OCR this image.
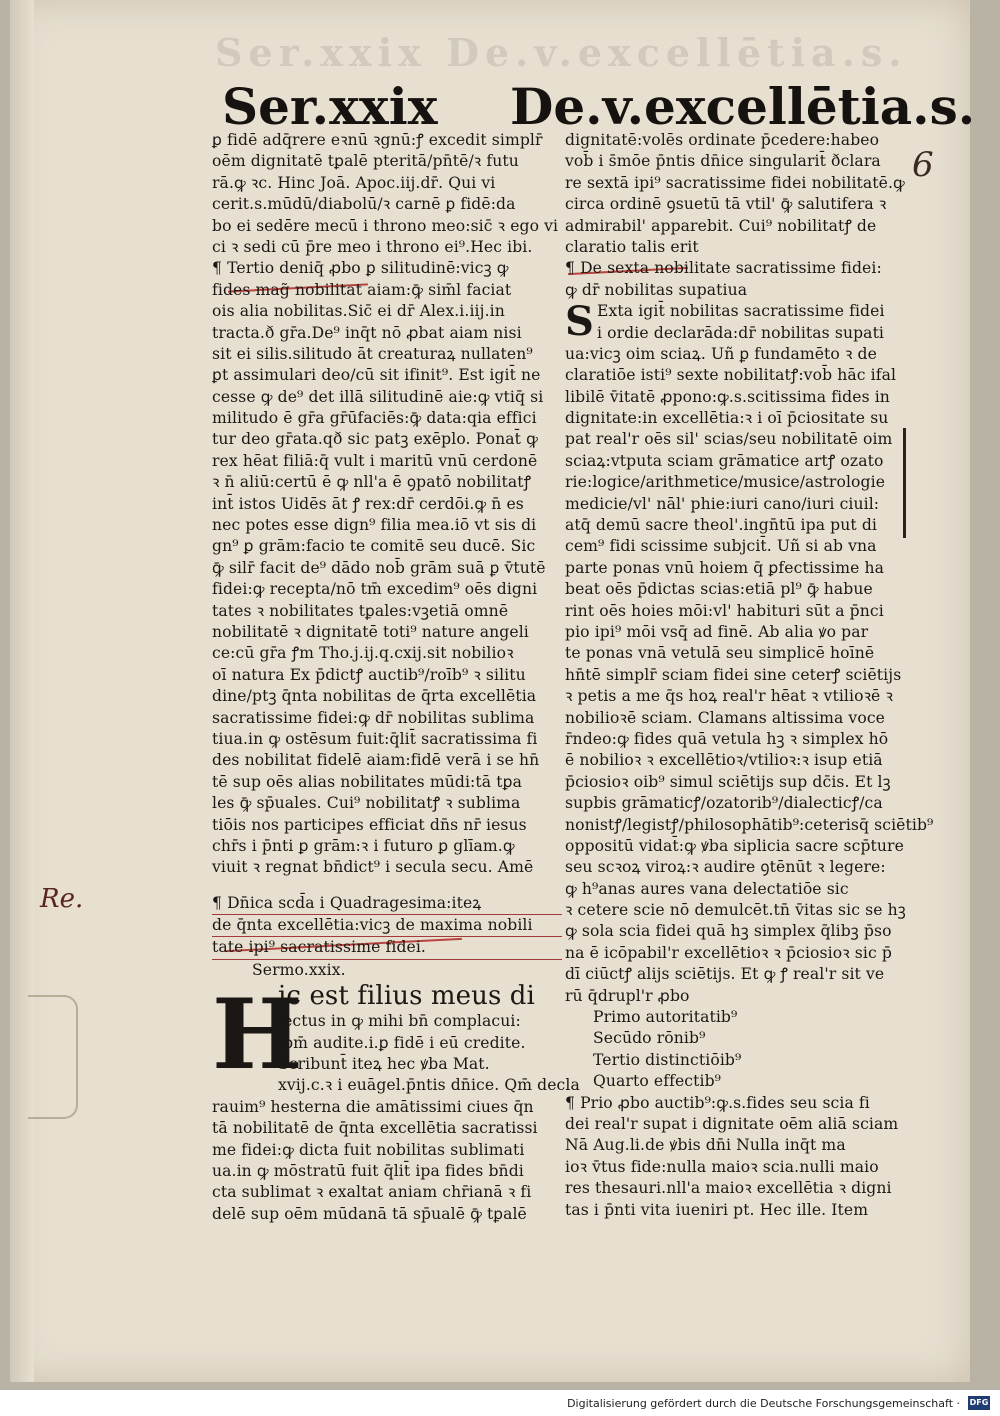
Ser.xxix De.v.excellētia.s.
Ser.xxix De.v.excellētia.s.
6
Re.
ꝑ fidē adq̄rere eꝛnū ꝛgnū:ꝭ excedit simplr̄
oēm dignitatē tꝑalē pteritā/pn̄tē/ꝛ futu
rā.ꝙ ꝛc. Hinc Joā. Apoc.iij.dr̄. Qui vi
cerit.s.mūdū/diabolū/ꝛ carnē ꝑ fidē:da
bo ei sedēre mecū i throno meo:sic̄ ꝛ ego vi
ci ꝛ sedi cū p̄re meo i throno ei⁹.Hec ibi.
¶ Tertio deniq̄ ꝓbo ꝑ silitudinē:vicꝫ ꝙ
fides mag̃ nobilitat aiam:ꝙ̄ sim̄l faciat
ois alia nobilitas.Sic̄ ei dr̄ Alex.i.iij.in
tracta.ð gr̄a.De⁹ inq̄t nō ꝓbat aiam nisi
sit ei silis.silitudo āt creaturaꝝ nullaten⁹
ꝑt assimulari deo/cū sit ifinit⁹. Est igit̄ ne
cesse ꝙ de⁹ det illā silitudinē aie:ꝙ vtiq̄ si
militudo ē gr̄a gr̄ūfaciēs:ꝙ̄ data:qia effici
tur deo gr̄ata.qð sic patꝫ exēplo. Ponat̄ ꝙ
rex hēat filiā:q̄ vult i maritū vnū cerdonē
ꝛ n̄ aliū:certū ē ꝙ nll'a ē ꝯpatō nobilitatꝭ
int̄ istos Uidēs āt ꝭ rex:dr̄ cerdōi.ꝙ n̄ es
nec potes esse dign⁹ filia mea.iō vt sis di
gn⁹ ꝑ grām:facio te comitē seu ducē. Sic
ꝙ̄ silr̄ facit de⁹ dādo nob̄ grām suā ꝑ v̄tutē
fidei:ꝙ recepta/nō tm̄ excedim⁹ oēs digni
tates ꝛ nobilitates tꝑales:vꝫetiā omnē
nobilitatē ꝛ dignitatē toti⁹ nature angeli
ce:cū gr̄a ꝭm Tho.j.ij.q.cxij.sit nobilioꝛ
oī natura Ex p̄dictꝭ auctib⁹/roīb⁹ ꝛ silitu
dine/ptꝫ q̄nta nobilitas de q̄rta excellētia
sacratissime fidei:ꝙ dr̄ nobilitas sublima
tiua.in ꝙ ostēsum fuit:q̄lit̄ sacratissima fi
des nobilitat fidelē aiam:fidē verā i se hn̄
tē sup oēs alias nobilitates mūdi:tā tꝑa
les ꝙ̄ sp̄uales. Cui⁹ nobilitatꝭ ꝛ sublima
tiōis nos participes efficiat dn̄s nr̄ iesus
chr̄s i p̄nti ꝑ grām:ꝛ i futuro ꝑ glīam.ꝙ
viuit ꝛ regnat bn̄dict⁹ i secula secu. Amē
¶ Dn̄ica scd̄a i Quadragesima:iteꝝ
de q̄nta excellētia:vicꝫ de maxima nobili
tate ipi⁹ sacratissime fidei.
Sermo.xxix.
H
ic est filius meus di
lectus in ꝙ mihi bn̄ complacui:
ipm̄ audite.i.ꝑ fidē i eū credite.
Scribunt̄ iteꝝ hec ꝟba Mat.
xvij.c.ꝛ i euāgel.p̄ntis dn̄ice. Qm̄ decla
rauim⁹ hesterna die amātissimi ciues q̄n
tā nobilitatē de q̄nta excellētia sacratissi
me fidei:ꝙ dicta fuit nobilitas sublimati
ua.in ꝙ mōstratū fuit q̄lit̄ ipa fides bn̄di
cta sublimat ꝛ exaltat aniam chr̄ianā ꝛ fi
delē sup oēm mūdanā tā sp̄ualē ꝙ̄ tꝑalē
dignitatē:volēs ordinate p̄cedere:habeo
vob̄ i s̄mōe p̄ntis dn̄ice singularit̄ ðclara
re sextā ipi⁹ sacratissime fidei nobilitatē.ꝙ
circa ordinē ꝯsuetū tā vtil' ꝙ̄ salutifera ꝛ
admirabil' apparebit. Cui⁹ nobilitatꝭ de
claratio talis erit
¶ De sexta nobilitate sacratissime fidei:
ꝙ dr̄ nobilitas supatiua
S Exta igit̄ nobilitas sacratissime fidei
i ordie declarāda:dr̄ nobilitas supati
ua:vicꝫ oim sciaꝝ. Uñ ꝑ fundamēto ꝛ de
claratiōe isti⁹ sexte nobilitatꝭ:vob̄ hāc ifal
libilē v̄itatē ꝓpono:ꝙ.s.scitissima fides in
dignitate:in excellētia:ꝛ i oī p̄ciositate su
pat real'r oēs sil' scias/seu nobilitatē oim
sciaꝝ:vtputa sciam grāmatice artꝭ ozato
rie:logice/arithmetice/musice/astrologie
medicie/vl' nāl' phie:iuri cano/iuri ciuil:
atq̄ demū sacre theol'.ingn̄tū ipa put di
cem⁹ fidi scissime subjcit̄. Uñ si ab vna
parte ponas vnū hoiem q̄ ꝑfectissime ha
beat oēs p̄dictas scias:etiā pl⁹ ꝙ̄ habue
rint oēs hoies mōi:vl' habituri sūt a p̄nci
pio ipi⁹ mōi vsq̄ ad finē. Ab alia ꝟo par
te ponas vnā vetulā seu simplicē hoīnē
hn̄tē simplr̄ sciam fidei sine ceterꝭ sciētijs
ꝛ petis a me q̄s hoꝝ real'r hēat ꝛ vtilioꝛē ꝛ
nobilioꝛē sciam. Clamans altissima voce
r̄ndeo:ꝙ fides quā vetula hꝫ ꝛ simplex hō
ē nobilioꝛ ꝛ excellētioꝛ/vtilioꝛ:ꝛ isup etiā
p̄ciosioꝛ oib⁹ simul sciētijs sup dc̄is. Et lꝫ
supbis grāmaticꝭ/ozatorib⁹/dialecticꝭ/ca
nonistꝭ/legistꝭ/philosophātib⁹:ceterisq̄ sciētib⁹
oppositū vidat̄:ꝙ ꝟba siplicia sacre scp̄ture
seu scꝛoꝝ viroꝝ:ꝛ audire ꝯtēnūt ꝛ legere:
ꝙ h⁹anas aures vana delectatiōe sic
ꝛ cetere scie nō demulcēt.tn̄ v̄itas sic se hꝫ
ꝙ sola scia fidei quā hꝫ simplex q̄libꝫ p̄so
na ē icōpabil'r excellētioꝛ ꝛ p̄ciosioꝛ sic p̄
dī ciūctꝭ alijs sciētijs. Et ꝙ ꝭ real'r sit ve
rū q̄drupl'r ꝓbo
Primo autoritatib⁹
Secūdo rōnib⁹
Tertio distinctiōib⁹
Quarto effectib⁹
¶ Prio ꝓbo auctib⁹:ꝙ.s.fides seu scia fi
dei real'r supat i dignitate oēm aliā sciam
Nā Aug.li.de ꝟbis dn̄i Nulla inq̄t ma
ioꝛ v̄tus fide:nulla maioꝛ scia.nulli maio
res thesauri.nll'a maioꝛ excellētia ꝛ digni
tas i p̄nti vita iueniri pt. Hec ille. Item
Digitalisierung gefördert durch die Deutsche Forschungsgemeinschaft · DFG
